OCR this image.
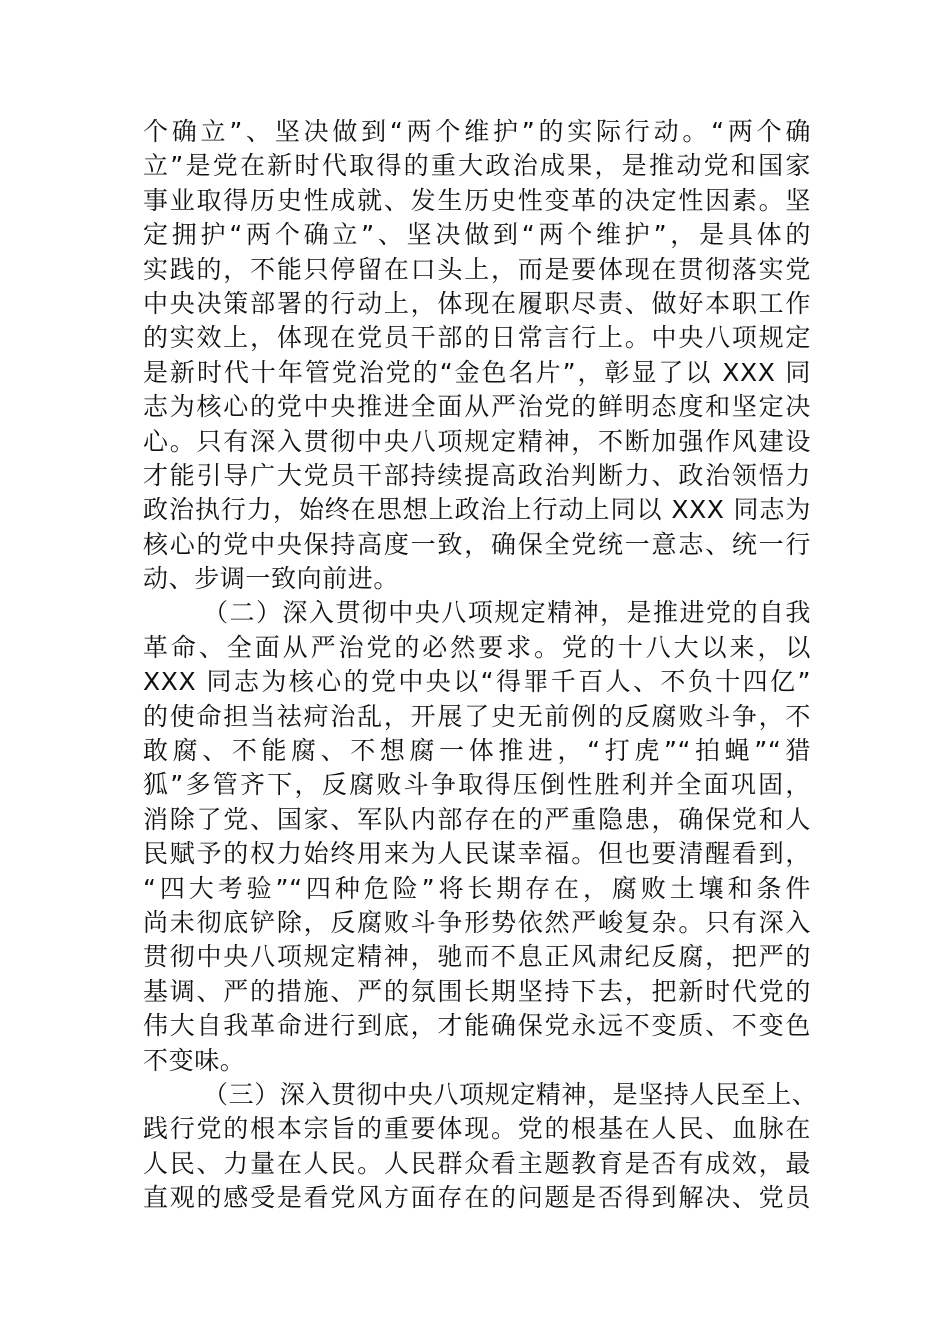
个确立”、坚决做到“两个维护”的实际行动。“两个确
立”是党在新时代取得的重大政治成果，是推动党和国家
事业取得历史性成就、发生历史性变革的决定性因素。坚
定拥护“两个确立”、坚决做到“两个维护”，是具体的
实践的，不能只停留在口头上，而是要体现在贯彻落实党
中央决策部署的行动上，体现在履职尽责、做好本职工作
的实效上，体现在党员干部的日常言行上。中央八项规定
是新时代十年管党治党的“金色名片”，彰显了以 XXX 同
志为核心的党中央推进全面从严治党的鲜明态度和坚定决
心。只有深入贯彻中央八项规定精神，不断加强作风建设
才能引导广大党员干部持续提高政治判断力、政治领悟力
政治执行力，始终在思想上政治上行动上同以 XXX 同志为
核心的党中央保持高度一致，确保全党统一意志、统一行
动、步调一致向前进。
（二）深入贯彻中央八项规定精神，是推进党的自我
革命、全面从严治党的必然要求。党的十八大以来，以
XXX 同志为核心的党中央以“得罪千百人、不负十四亿”
的使命担当祛疴治乱，开展了史无前例的反腐败斗争，不
敢腐、不能腐、不想腐一体推进，“打虎”“拍蝇”“猎
狐”多管齐下，反腐败斗争取得压倒性胜利并全面巩固，
消除了党、国家、军队内部存在的严重隐患，确保党和人
民赋予的权力始终用来为人民谋幸福。但也要清醒看到，
“四大考验”“四种危险”将长期存在，腐败土壤和条件
尚未彻底铲除，反腐败斗争形势依然严峻复杂。只有深入
贯彻中央八项规定精神，驰而不息正风肃纪反腐，把严的
基调、严的措施、严的氛围长期坚持下去，把新时代党的
伟大自我革命进行到底，才能确保党永远不变质、不变色
不变味。
（三）深入贯彻中央八项规定精神，是坚持人民至上、
践行党的根本宗旨的重要体现。党的根基在人民、血脉在
人民、力量在人民。人民群众看主题教育是否有成效，最
直观的感受是看党风方面存在的问题是否得到解决、党员
